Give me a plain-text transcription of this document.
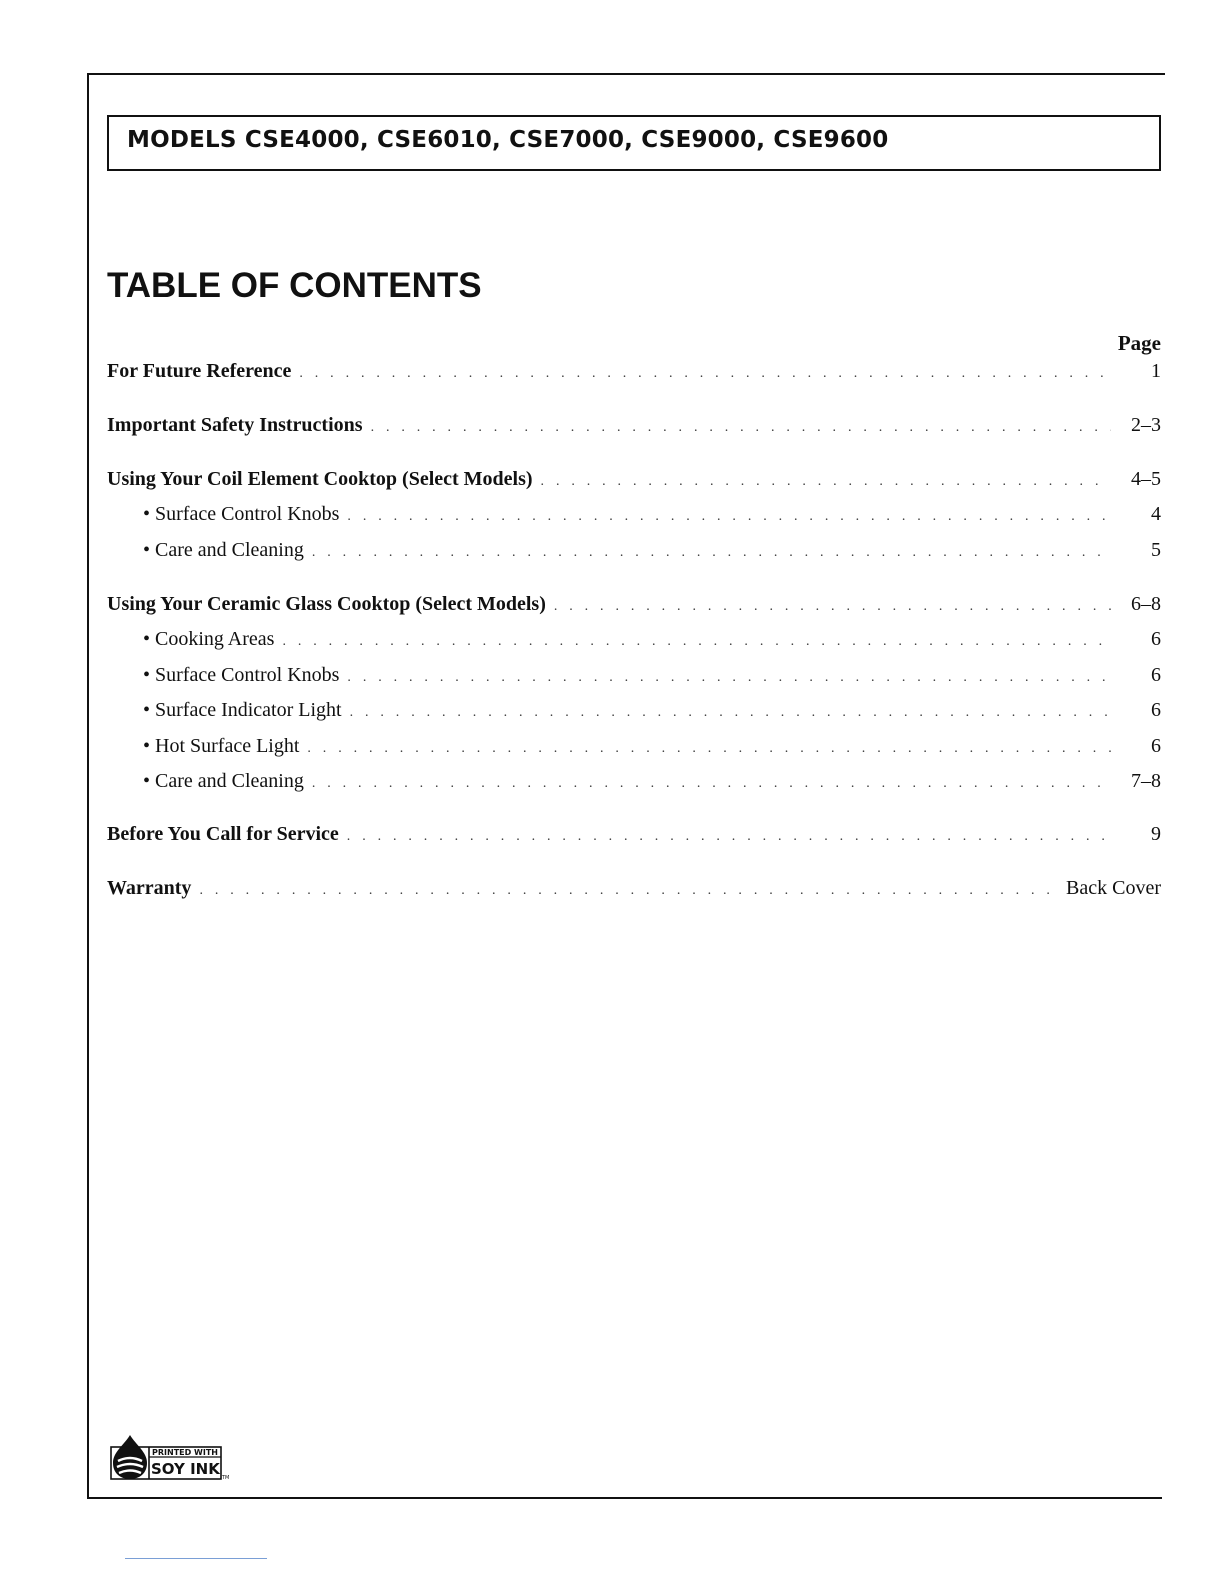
MODELS CSE4000, CSE6010, CSE7000, CSE9000, CSE9600
TABLE OF CONTENTS
Page
For Future Reference . . .	1
Important Safety Instructions . . .	2–3
Using Your Coil Element Cooktop (Select Models) . . .	4–5
• Surface Control Knobs . . .	4
• Care and Cleaning . . .	5
Using Your Ceramic Glass Cooktop (Select Models) . . .	6–8
• Cooking Areas . . .	6
• Surface Control Knobs . . .	6
• Surface Indicator Light . . .	6
• Hot Surface Light . . .	6
• Care and Cleaning . . .	7–8
Before You Call for Service . . .	9
Warranty . . .	Back Cover
PRINTED WITH
SOY INK TM
